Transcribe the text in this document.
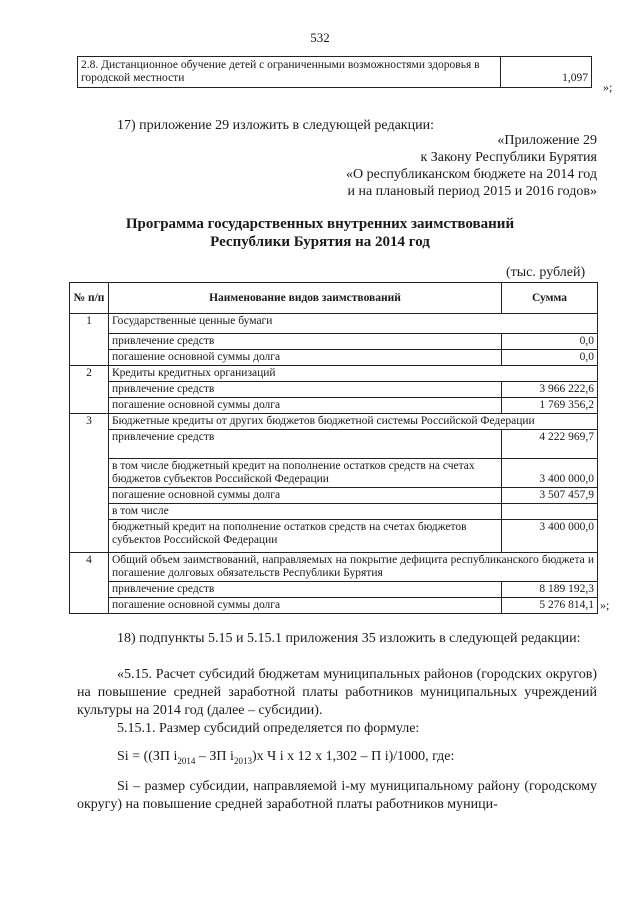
532
2.8. Дистанционное обучение детей с ограниченными возможностями здоровья в городской местности	1,097
»;
17) приложение 29 изложить в следующей редакции:
«Приложение 29
к Закону Республики Бурятия
«О республиканском бюджете на 2014 год
и на плановый период 2015 и 2016 годов»
Программа государственных внутренних заимствований
Республики Бурятия на 2014 год
(тыс. рублей)
№ п/п	Наименование видов заимствований	Сумма
1	Государственные ценные бумаги	
	привлечение средств	0,0
	погашение основной суммы долга	0,0
2	Кредиты кредитных организаций	
	привлечение средств	3 966 222,6
	погашение основной суммы долга	1 769 356,2
3	Бюджетные кредиты от других бюджетов бюджетной системы Российской Федерации	
	привлечение средств	4 222 969,7
	в том числе бюджетный кредит на пополнение остатков средств на счетах бюджетов субъектов Российской Федерации	3 400 000,0
	погашение основной суммы долга	3 507 457,9
	в том числе	
	бюджетный кредит на пополнение остатков средств на счетах бюджетов субъектов Российской Федерации	3 400 000,0
4	Общий объем заимствований, направляемых на покрытие дефицита республиканского бюджета и погашение долговых обязательств Республики Бурятия	
	привлечение средств	8 189 192,3
	погашение основной суммы долга	5 276 814,1 »;
18) подпункты 5.15 и 5.15.1 приложения 35 изложить в следующей редакции:
«5.15. Расчет субсидий бюджетам муниципальных районов (городских округов) на повышение средней заработной платы работников муниципальных учреждений культуры на 2014 год (далее – субсидии).
5.15.1. Размер субсидий определяется по формуле:
Si = ((ЗП $i_{2014}$ – ЗП $i_{2013})х$ Ч i х 12 х 1,302 – П i)/1000, где:
Si – размер субсидии, направляемой i-му муниципальному району (городскому округу) на повышение средней заработной платы работников муници-
